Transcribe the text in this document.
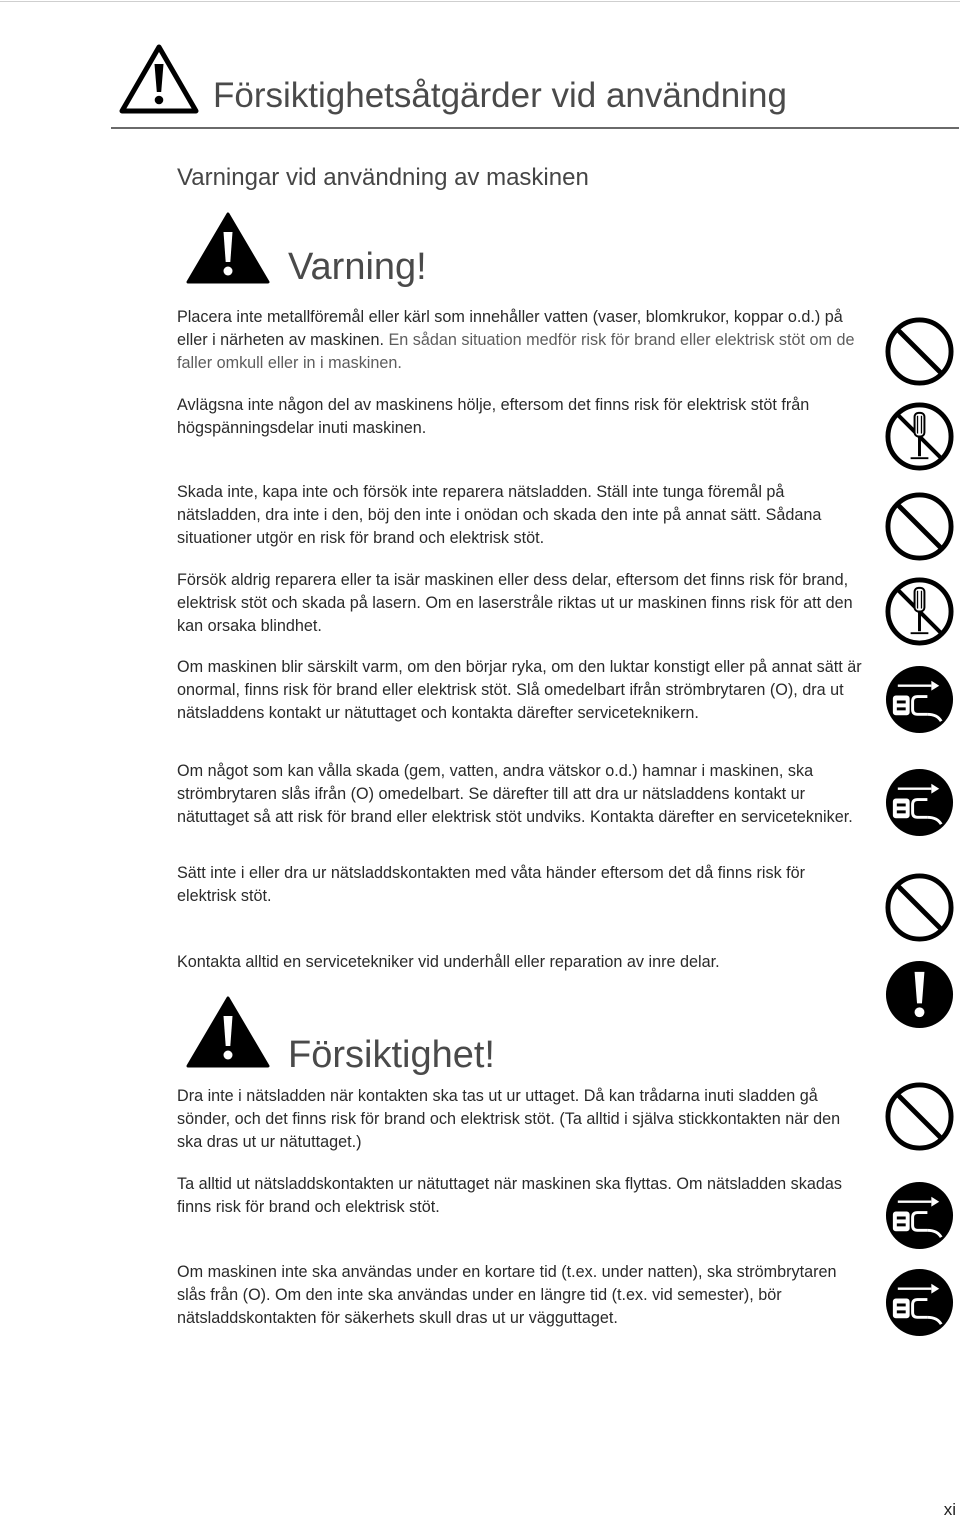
Försiktighetsåtgärder vid användning
Varningar vid användning av maskinen
Varning!

Placera inte metallföremål eller kärl som innehåller vatten (vaser, blomkrukor, koppar o.d.) på eller i närheten av maskinen. En sådan situation medför risk för brand eller elektrisk stöt om de faller omkull eller in i maskinen.

Avlägsna inte någon del av maskinens hölje, eftersom det finns risk för elektrisk stöt från högspänningsdelar inuti maskinen.

Skada inte, kapa inte och försök inte reparera nätsladden. Ställ inte tunga föremål på nätsladden, dra inte i den, böj den inte i onödan och skada den inte på annat sätt. Sådana situationer utgör en risk för brand och elektrisk stöt.

Försök aldrig reparera eller ta isär maskinen eller dess delar, eftersom det finns risk för brand, elektrisk stöt och skada på lasern. Om en laserstråle riktas ut ur maskinen finns risk för att den kan orsaka blindhet.

Om maskinen blir särskilt varm, om den börjar ryka, om den luktar konstigt eller på annat sätt är onormal, finns risk för brand eller elektrisk stöt. Slå omedelbart ifrån strömbrytaren (O), dra ut nätsladdens kontakt ur nätuttaget och kontakta därefter serviceteknikern.

Om något som kan vålla skada (gem, vatten, andra vätskor o.d.) hamnar i maskinen, ska strömbrytaren slås ifrån (O) omedelbart. Se därefter till att dra ur nätsladdens kontakt ur nätuttaget så att risk för brand eller elektrisk stöt undviks. Kontakta därefter en servicetekniker.

Sätt inte i eller dra ur nätsladdskontakten med våta händer eftersom det då finns risk för elektrisk stöt.

Kontakta alltid en servicetekniker vid underhåll eller reparation av inre delar.

Försiktighet!

Dra inte i nätsladden när kontakten ska tas ut ur uttaget. Då kan trådarna inuti sladden gå sönder, och det finns risk för brand och elektrisk stöt. (Ta alltid i själva stickkontakten när den ska dras ut ur nätuttaget.)

Ta alltid ut nätsladdskontakten ur nätuttaget när maskinen ska flyttas. Om nätsladden skadas finns risk för brand och elektrisk stöt.

Om maskinen inte ska användas under en kortare tid (t.ex. under natten), ska strömbrytaren slås från (O). Om den inte ska användas under en längre tid (t.ex. vid semester), bör nätsladdskontakten för säkerhets skull dras ut ur vägguttaget.

xi
